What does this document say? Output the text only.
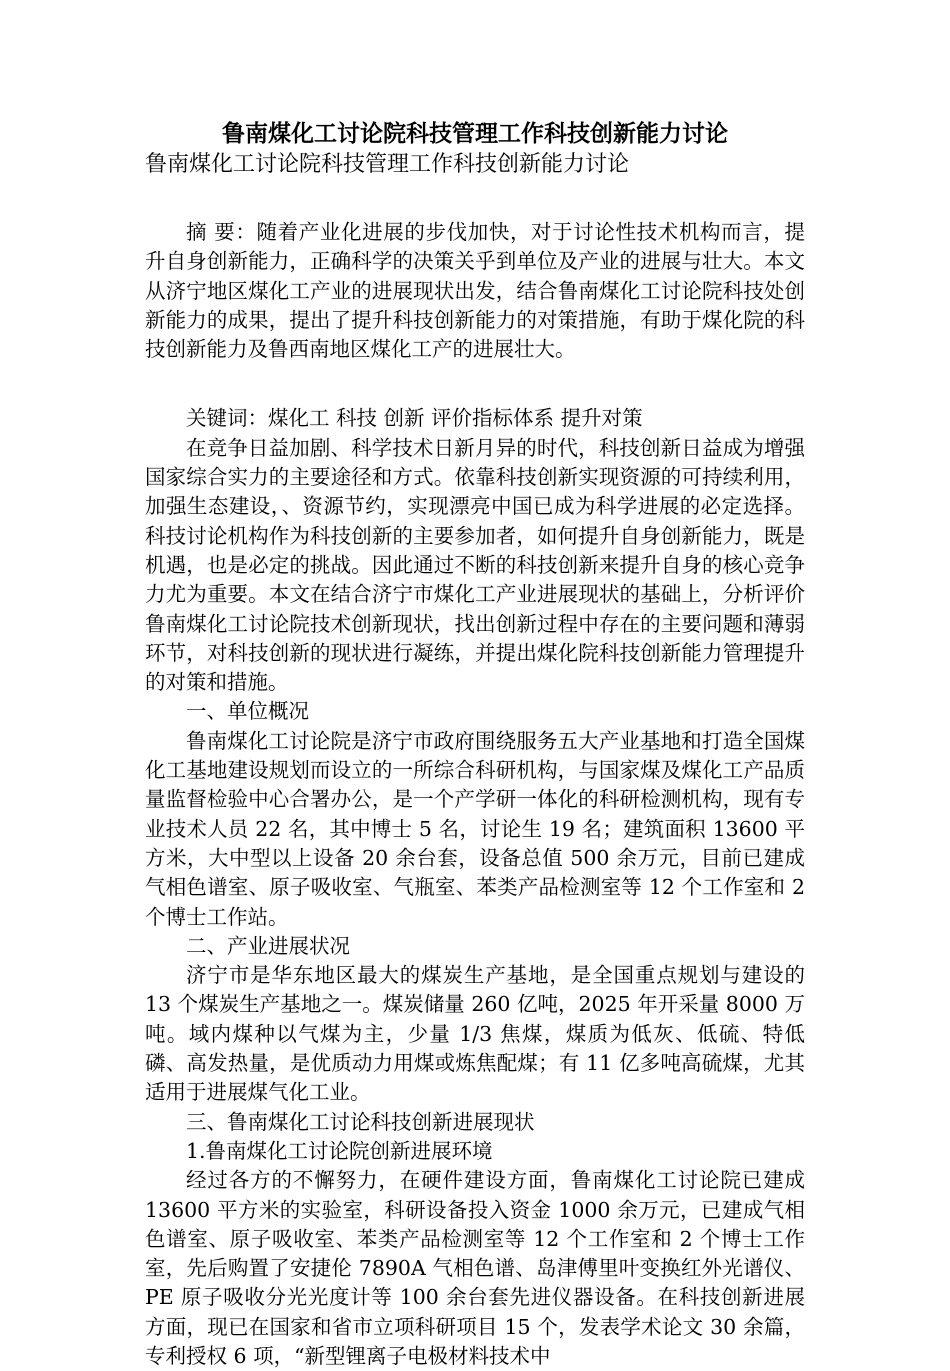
鲁南煤化工讨论院科技管理工作科技创新能力讨论

鲁南煤化工讨论院科技管理工作科技创新能力讨论

摘 要：随着产业化进展的步伐加快，对于讨论性技术机构而言，提升自身创新能力，正确科学的决策关乎到单位及产业的进展与壮大。本文从济宁地区煤化工产业的进展现状出发，结合鲁南煤化工讨论院科技处创新能力的成果，提出了提升科技创新能力的对策措施，有助于煤化院的科技创新能力及鲁西南地区煤化工产的进展壮大。

关键词：煤化工 科技 创新 评价指标体系 提升对策

在竞争日益加剧、科学技术日新月异的时代，科技创新日益成为增强国家综合实力的主要途径和方式。依靠科技创新实现资源的可持续利用，加强生态建设，、资源节约，实现漂亮中国已成为科学进展的必定选择。科技讨论机构作为科技创新的主要参加者，如何提升自身创新能力，既是机遇，也是必定的挑战。因此通过不断的科技创新来提升自身的核心竞争力尤为重要。本文在结合济宁市煤化工产业进展现状的基础上，分析评价鲁南煤化工讨论院技术创新现状，找出创新过程中存在的主要问题和薄弱环节，对科技创新的现状进行凝练，并提出煤化院科技创新能力管理提升的对策和措施。

一、单位概况

鲁南煤化工讨论院是济宁市政府围绕服务五大产业基地和打造全国煤化工基地建设规划而设立的一所综合科研机构，与国家煤及煤化工产品质量监督检验中心合署办公，是一个产学研一体化的科研检测机构，现有专业技术人员 22 名，其中博士 5 名，讨论生 19 名；建筑面积 13600 平方米，大中型以上设备 20 余台套，设备总值 500 余万元，目前已建成气相色谱室、原子吸收室、气瓶室、苯类产品检测室等 12 个工作室和 2 个博士工作站。

二、产业进展状况

济宁市是华东地区最大的煤炭生产基地，是全国重点规划与建设的 13 个煤炭生产基地之一。煤炭储量 260 亿吨，2025 年开采量 8000 万吨。域内煤种以气煤为主，少量 1/3 焦煤，煤质为低灰、低硫、特低磷、高发热量，是优质动力用煤或炼焦配煤；有 11 亿多吨高硫煤，尤其适用于进展煤气化工业。

三、鲁南煤化工讨论科技创新进展现状

1.鲁南煤化工讨论院创新进展环境

经过各方的不懈努力，在硬件建设方面，鲁南煤化工讨论院已建成 13600 平方米的实验室，科研设备投入资金 1000 余万元，已建成气相色谱室、原子吸收室、苯类产品检测室等 12 个工作室和 2 个博士工作室，先后购置了安捷伦 7890A 气相色谱、岛津傅里叶变换红外光谱仪、PE 原子吸收分光光度计等 100 余台套先进仪器设备。在科技创新进展方面，现已在国家和省市立项科研项目 15 个，发表学术论文 30 余篇，专利授权 6 项，“新型锂离子电极材料技术中
